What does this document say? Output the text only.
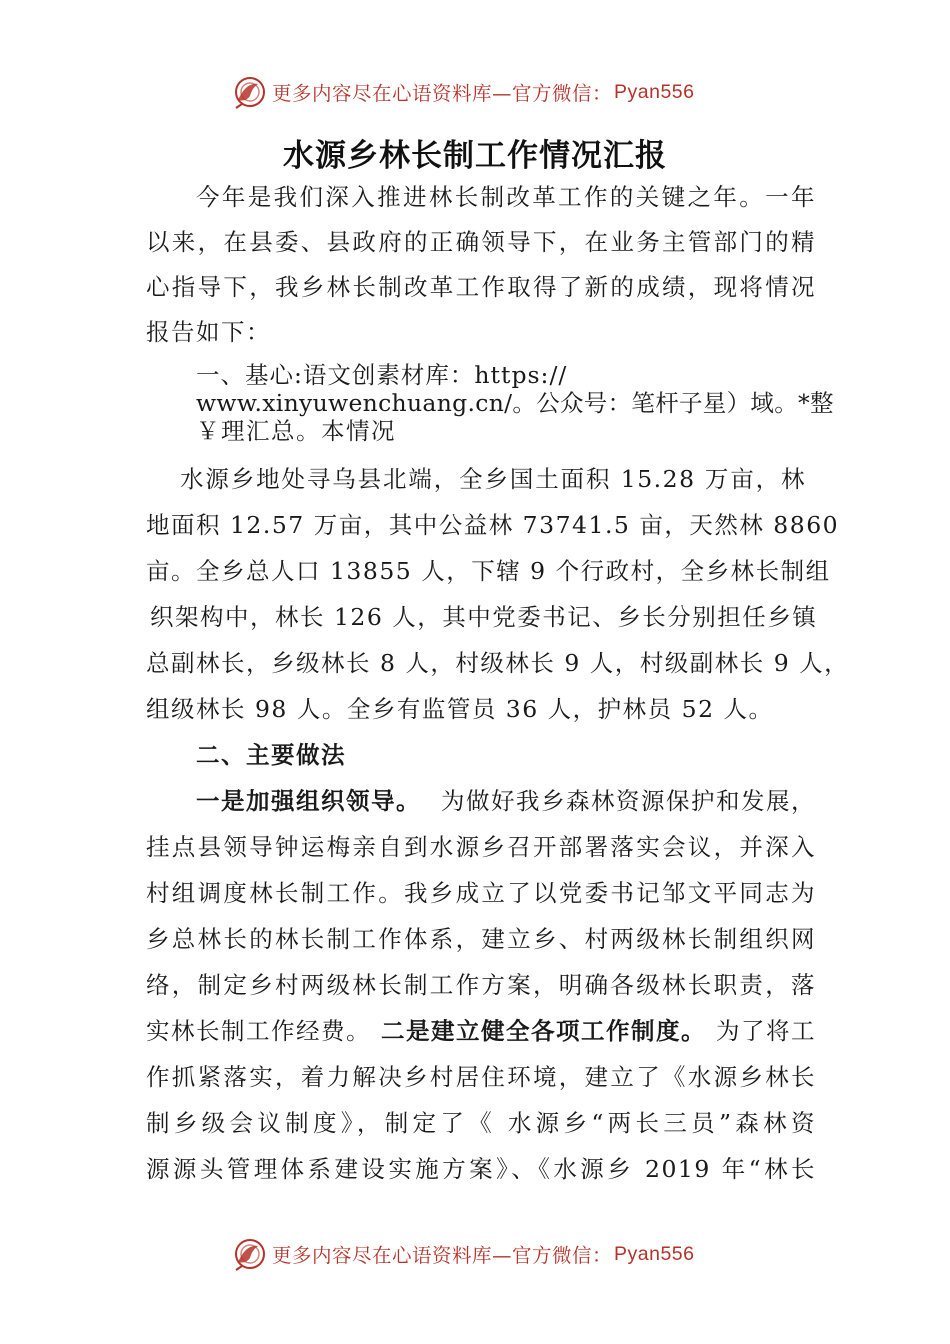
更多内容尽在心语资料库—官方微信： Pyan556
水源乡林长制工作情况汇报
今年是我们深入推进林长制改革工作的关键之年。一年
以来，在县委、县政府的正确领导下，在业务主管部门的精
心指导下，我乡林长制改革工作取得了新的成绩，现将情况
报告如下：
一、基心:语文创素材库：https://
www.xinyuwenchuang.cn/。公众号：笔杆子星）域。*整
￥理汇总。本情况
水源乡地处寻乌县北端，全乡国土面积 15.28 万亩，林
地面积 12.57 万亩，其中公益林 73741.5 亩，天然林 8860
亩。全乡总人口 13855 人，下辖 9 个行政村，全乡林长制组
织架构中，林长 126 人，其中党委书记、乡长分别担任乡镇
总副林长，乡级林长 8 人，村级林长 9 人，村级副林长 9 人，
组级林长 98 人。全乡有监管员 36 人，护林员 52 人。
二、主要做法
一是加强组织领导。 为做好我乡森林资源保护和发展，
挂点县领导钟运梅亲自到水源乡召开部署落实会议，并深入
村组调度林长制工作。我乡成立了以党委书记邹文平同志为
乡总林长的林长制工作体系，建立乡、村两级林长制组织网
络，制定乡村两级林长制工作方案，明确各级林长职责，落
实林长制工作经费。 二是建立健全各项工作制度。 为了将工
作抓紧落实，着力解决乡村居住环境，建立了《水源乡林长
制乡级会议制度》，制定了《 水源乡“两长三员”森林资
源源头管理体系建设实施方案》、《水源乡 2019 年“林长
更多内容尽在心语资料库—官方微信： Pyan556
